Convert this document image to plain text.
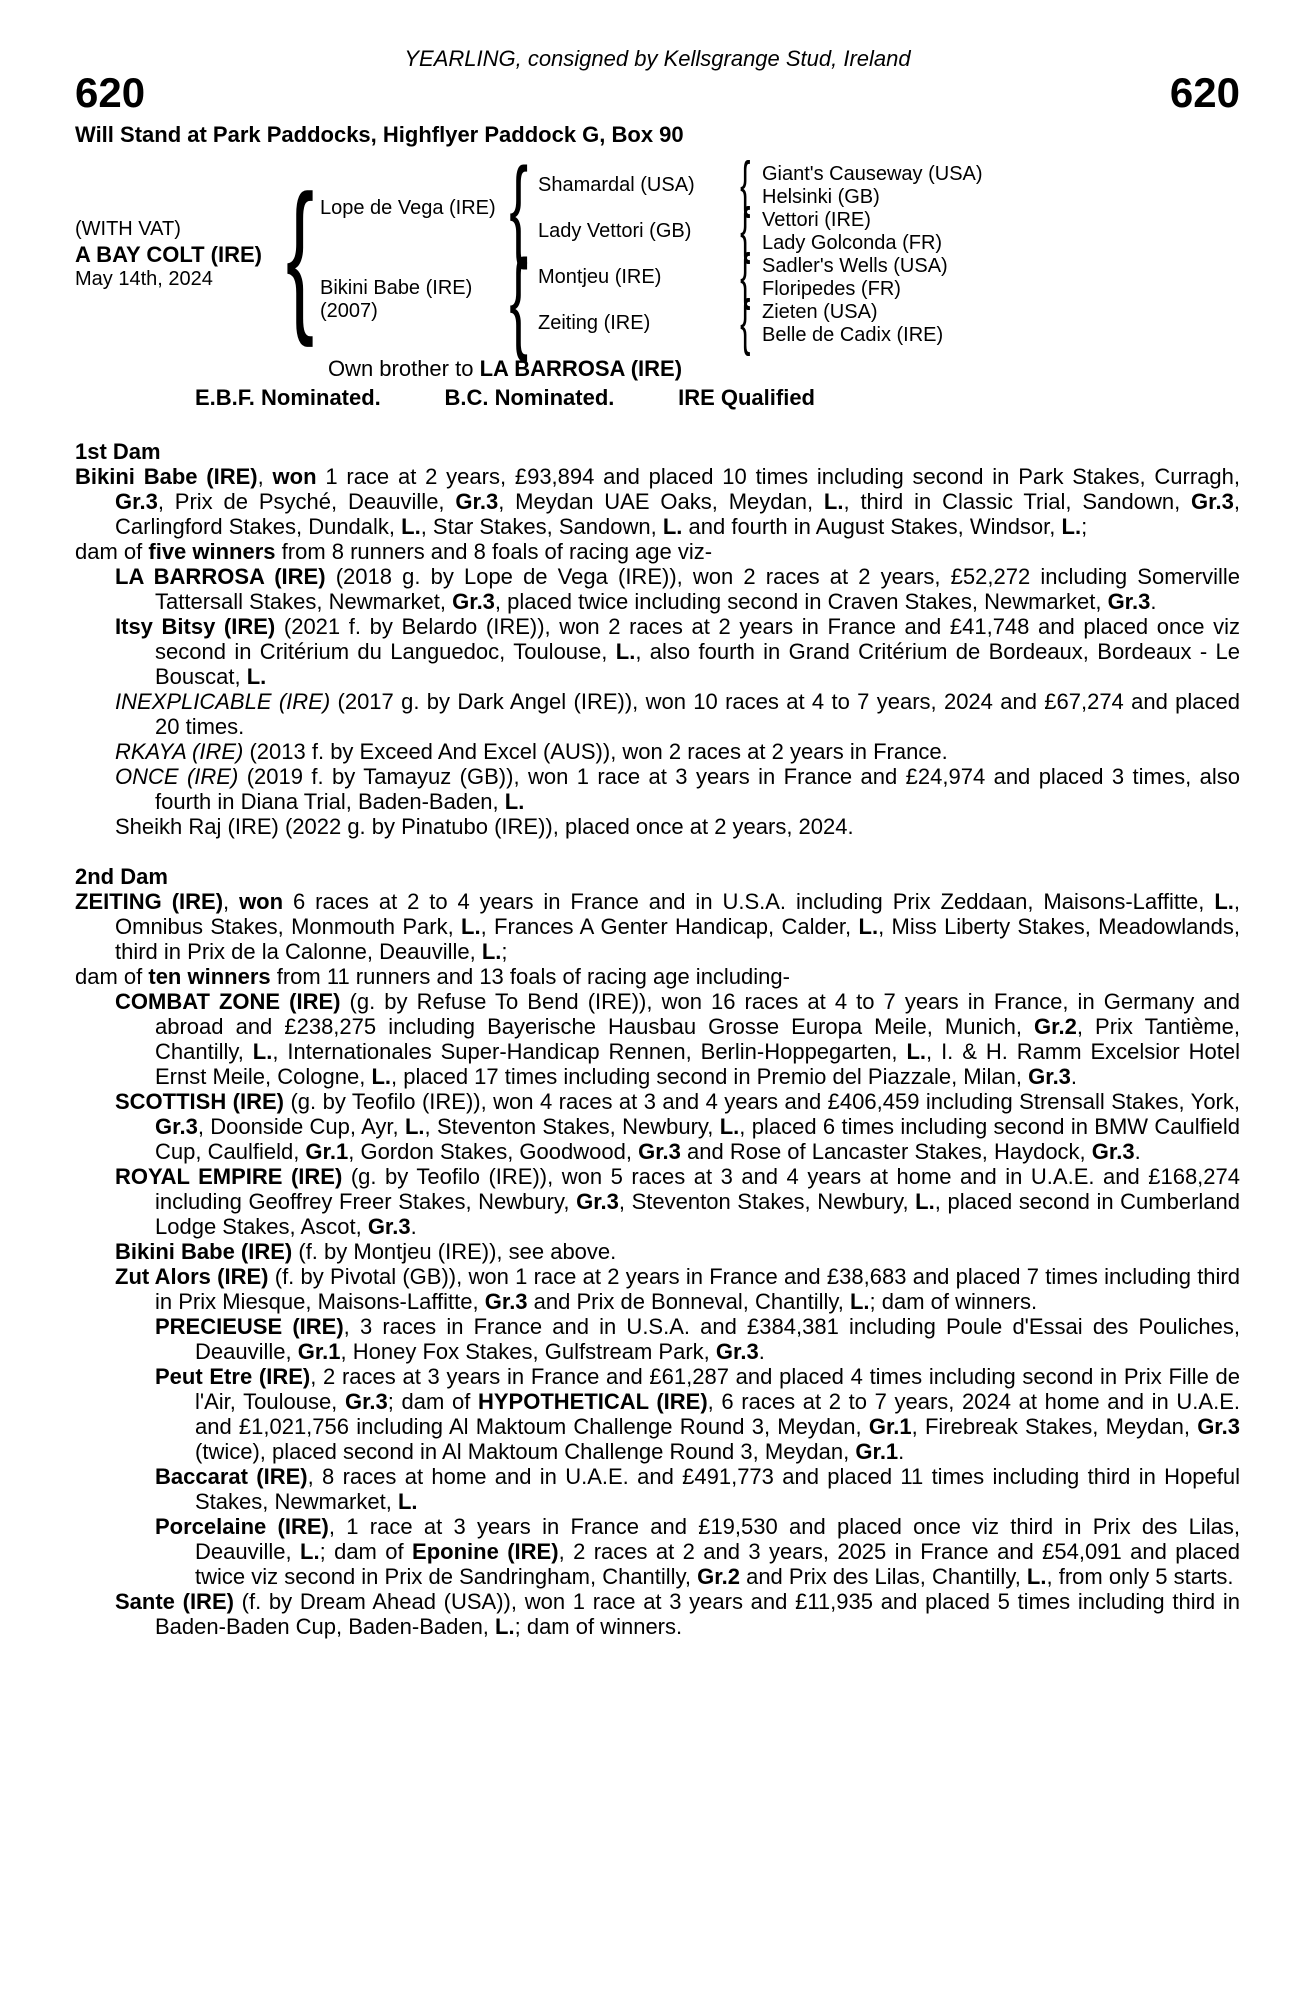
YEARLING, consigned by Kellsgrange Stud, Ireland
620	620
Will Stand at Park Paddocks, Highflyer Paddock G, Box 90
(WITH VAT)
A BAY COLT (IRE)
May 14th, 2024
{
Lope de Vega (IRE)
Bikini Babe (IRE)
(2007)
{
{
Shamardal (USA)
Lady Vettori (GB)
Montjeu (IRE)
Zeiting (IRE)
{
{
{
{
Giant's Causeway (USA)
Helsinki (GB)
Vettori (IRE)
Lady Golconda (FR)
Sadler's Wells (USA)
Floripedes (FR)
Zieten (USA)
Belle de Cadix (IRE)
Own brother to LA BARROSA (IRE)
E.B.F. Nominated.	B.C. Nominated.	IRE Qualified
1st Dam
Bikini Babe (IRE), won 1 race at 2 years, £93,894 and placed 10 times including second in Park Stakes, Curragh, Gr.3, Prix de Psyché, Deauville, Gr.3, Meydan UAE Oaks, Meydan, L., third in Classic Trial, Sandown, Gr.3, Carlingford Stakes, Dundalk, L., Star Stakes, Sandown, L. and fourth in August Stakes, Windsor, L.;
dam of five winners from 8 runners and 8 foals of racing age viz-
LA BARROSA (IRE) (2018 g. by Lope de Vega (IRE)), won 2 races at 2 years, £52,272 including Somerville Tattersall Stakes, Newmarket, Gr.3, placed twice including second in Craven Stakes, Newmarket, Gr.3.
Itsy Bitsy (IRE) (2021 f. by Belardo (IRE)), won 2 races at 2 years in France and £41,748 and placed once viz second in Critérium du Languedoc, Toulouse, L., also fourth in Grand Critérium de Bordeaux, Bordeaux - Le Bouscat, L.
INEXPLICABLE (IRE) (2017 g. by Dark Angel (IRE)), won 10 races at 4 to 7 years, 2024 and £67,274 and placed 20 times.
RKAYA (IRE) (2013 f. by Exceed And Excel (AUS)), won 2 races at 2 years in France.
ONCE (IRE) (2019 f. by Tamayuz (GB)), won 1 race at 3 years in France and £24,974 and placed 3 times, also fourth in Diana Trial, Baden-Baden, L.
Sheikh Raj (IRE) (2022 g. by Pinatubo (IRE)), placed once at 2 years, 2024.
2nd Dam
ZEITING (IRE), won 6 races at 2 to 4 years in France and in U.S.A. including Prix Zeddaan, Maisons-Laffitte, L., Omnibus Stakes, Monmouth Park, L., Frances A Genter Handicap, Calder, L., Miss Liberty Stakes, Meadowlands, third in Prix de la Calonne, Deauville, L.;
dam of ten winners from 11 runners and 13 foals of racing age including-
COMBAT ZONE (IRE) (g. by Refuse To Bend (IRE)), won 16 races at 4 to 7 years in France, in Germany and abroad and £238,275 including Bayerische Hausbau Grosse Europa Meile, Munich, Gr.2, Prix Tantième, Chantilly, L., Internationales Super-Handicap Rennen, Berlin-Hoppegarten, L., I. & H. Ramm Excelsior Hotel Ernst Meile, Cologne, L., placed 17 times including second in Premio del Piazzale, Milan, Gr.3.
SCOTTISH (IRE) (g. by Teofilo (IRE)), won 4 races at 3 and 4 years and £406,459 including Strensall Stakes, York, Gr.3, Doonside Cup, Ayr, L., Steventon Stakes, Newbury, L., placed 6 times including second in BMW Caulfield Cup, Caulfield, Gr.1, Gordon Stakes, Goodwood, Gr.3 and Rose of Lancaster Stakes, Haydock, Gr.3.
ROYAL EMPIRE (IRE) (g. by Teofilo (IRE)), won 5 races at 3 and 4 years at home and in U.A.E. and £168,274 including Geoffrey Freer Stakes, Newbury, Gr.3, Steventon Stakes, Newbury, L., placed second in Cumberland Lodge Stakes, Ascot, Gr.3.
Bikini Babe (IRE) (f. by Montjeu (IRE)), see above.
Zut Alors (IRE) (f. by Pivotal (GB)), won 1 race at 2 years in France and £38,683 and placed 7 times including third in Prix Miesque, Maisons-Laffitte, Gr.3 and Prix de Bonneval, Chantilly, L.; dam of winners.
PRECIEUSE (IRE), 3 races in France and in U.S.A. and £384,381 including Poule d'Essai des Pouliches, Deauville, Gr.1, Honey Fox Stakes, Gulfstream Park, Gr.3.
Peut Etre (IRE), 2 races at 3 years in France and £61,287 and placed 4 times including second in Prix Fille de l'Air, Toulouse, Gr.3; dam of HYPOTHETICAL (IRE), 6 races at 2 to 7 years, 2024 at home and in U.A.E. and £1,021,756 including Al Maktoum Challenge Round 3, Meydan, Gr.1, Firebreak Stakes, Meydan, Gr.3 (twice), placed second in Al Maktoum Challenge Round 3, Meydan, Gr.1.
Baccarat (IRE), 8 races at home and in U.A.E. and £491,773 and placed 11 times including third in Hopeful Stakes, Newmarket, L.
Porcelaine (IRE), 1 race at 3 years in France and £19,530 and placed once viz third in Prix des Lilas, Deauville, L.; dam of Eponine (IRE), 2 races at 2 and 3 years, 2025 in France and £54,091 and placed twice viz second in Prix de Sandringham, Chantilly, Gr.2 and Prix des Lilas, Chantilly, L., from only 5 starts.
Sante (IRE) (f. by Dream Ahead (USA)), won 1 race at 3 years and £11,935 and placed 5 times including third in Baden-Baden Cup, Baden-Baden, L.; dam of winners.
